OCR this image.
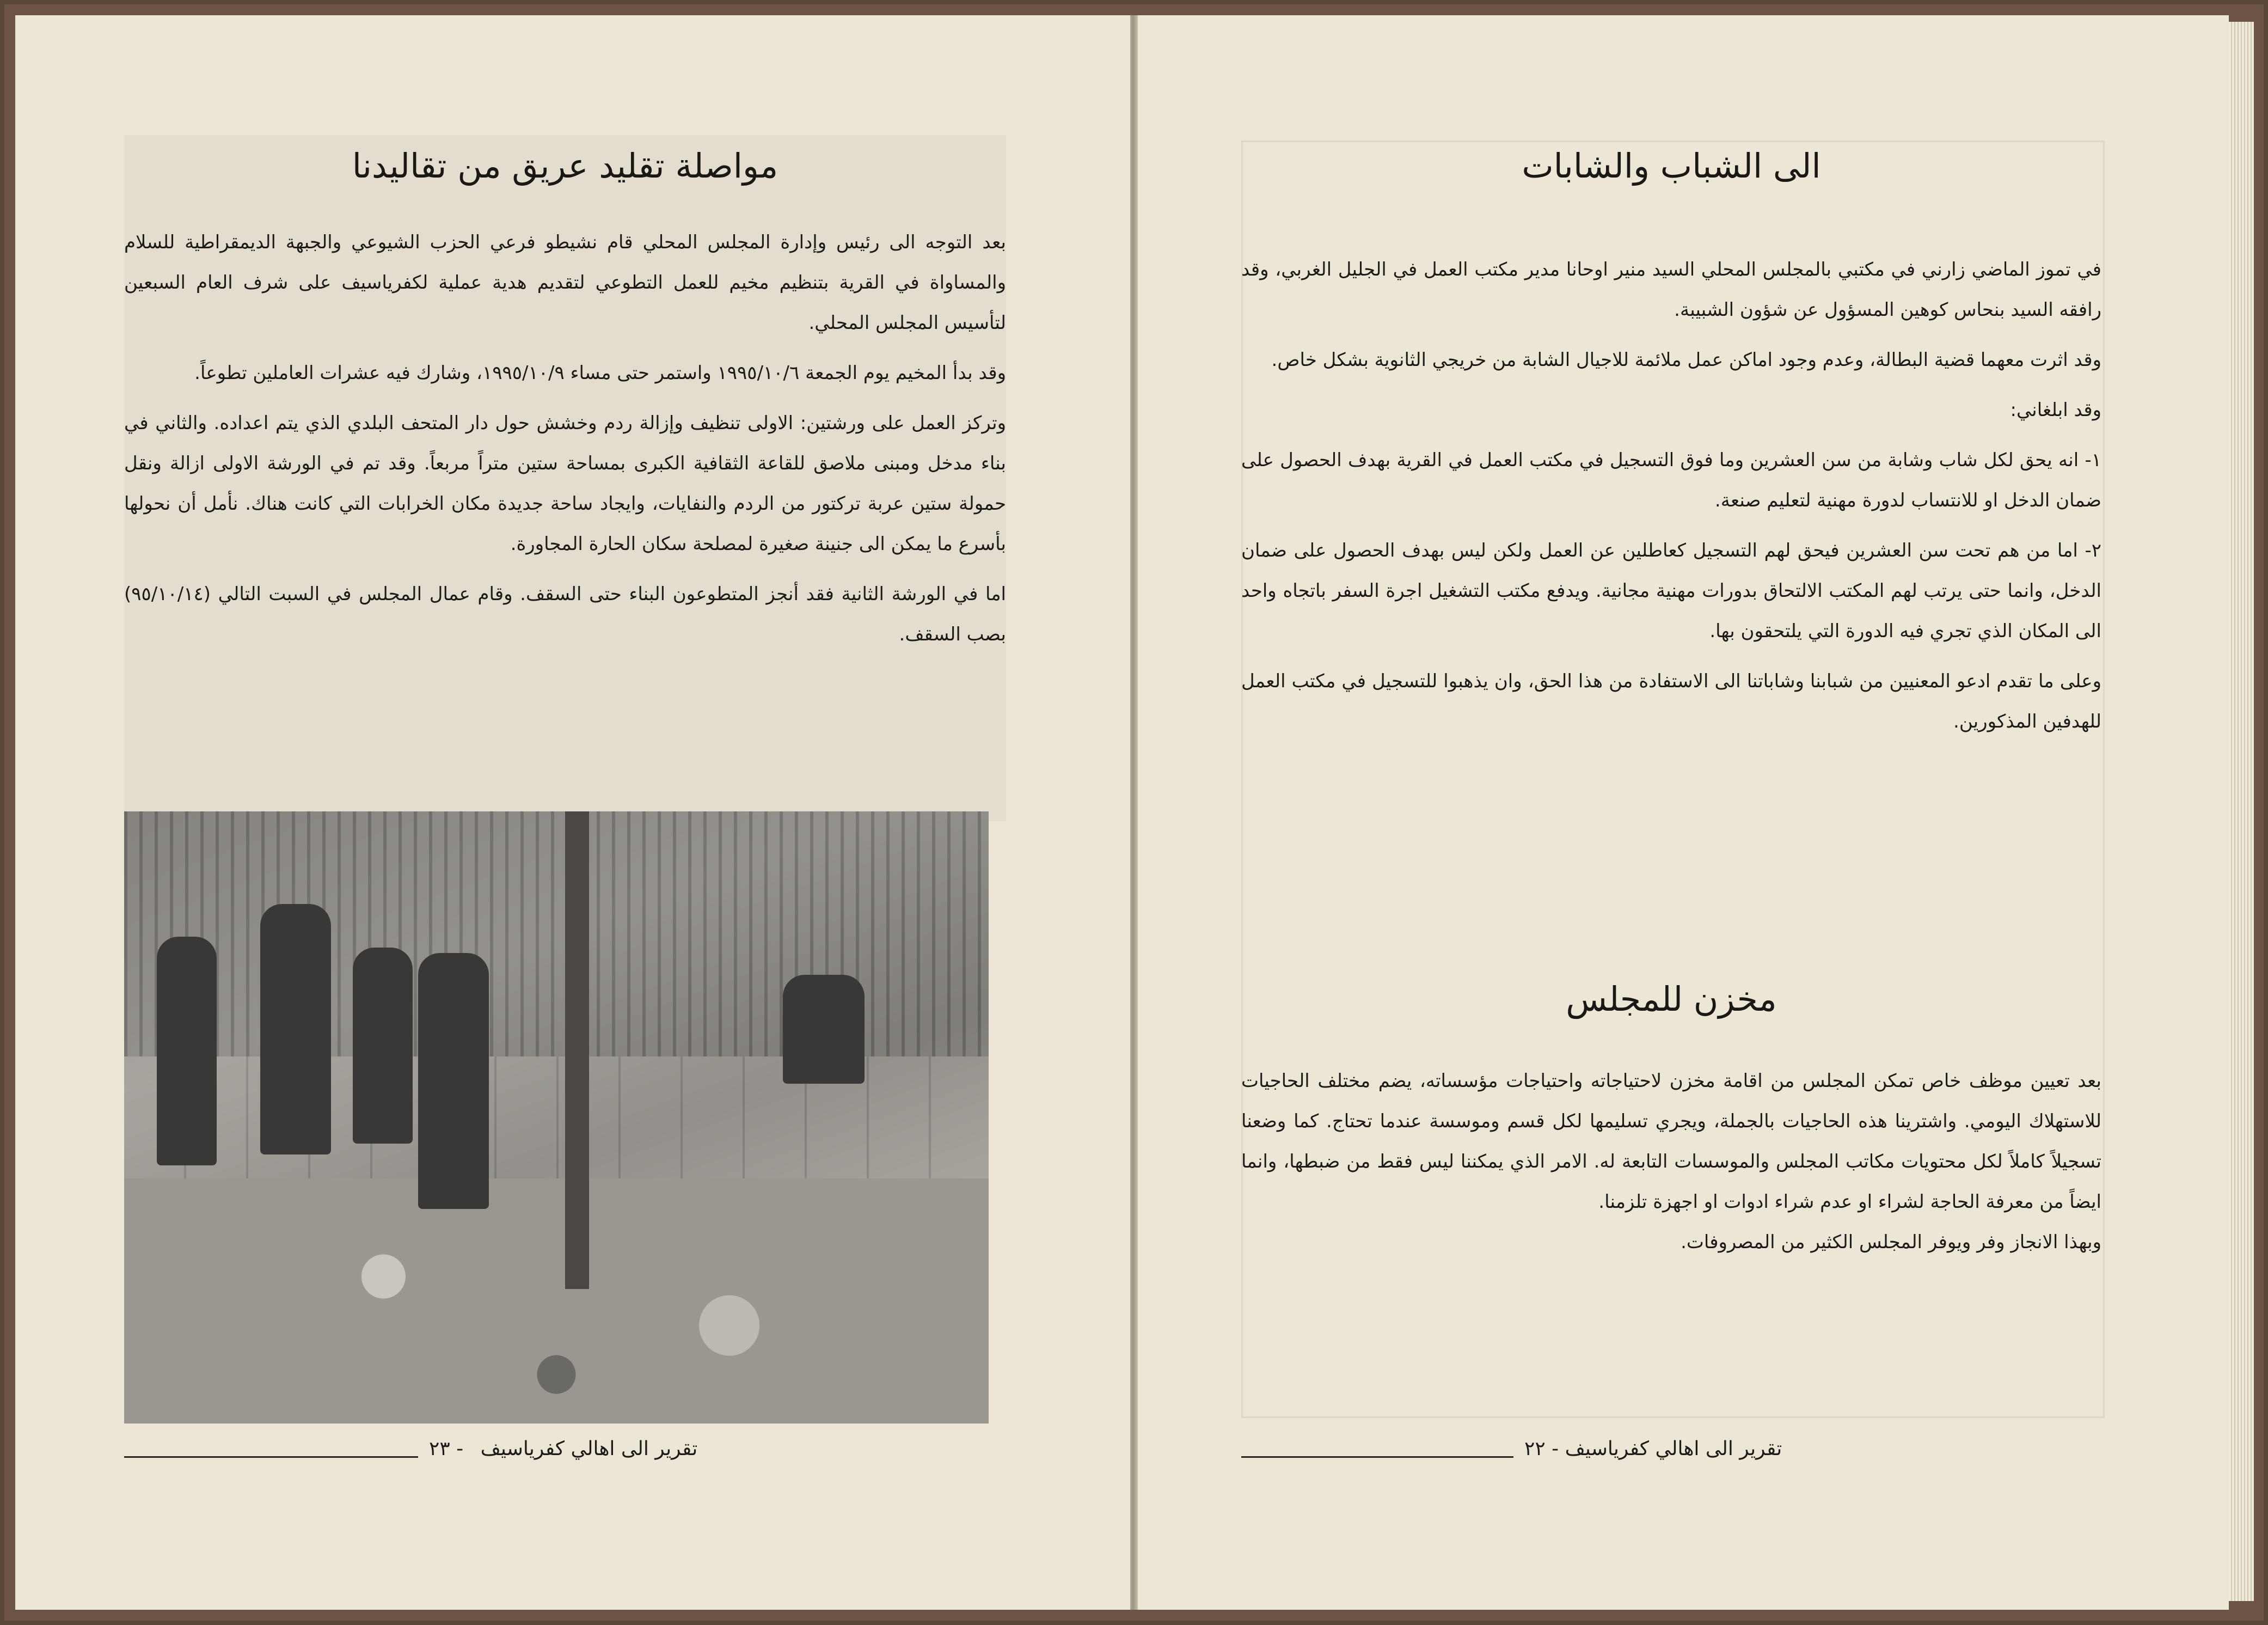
مواصلة تقليد عريق من تقاليدنا

بعد التوجه الى رئيس وإدارة المجلس المحلي قام نشيطو فرعي الحزب الشيوعي والجبهة الديمقراطية للسلام والمساواة في القرية بتنظيم مخيم للعمل التطوعي لتقديم هدية عملية لكفرياسيف على شرف العام السبعين لتأسيس المجلس المحلي.

وقد بدأ المخيم يوم الجمعة ١٩٩٥/١٠/٦ واستمر حتى مساء ١٩٩٥/١٠/٩، وشارك فيه عشرات العاملين تطوعاً.

وتركز العمل على ورشتين: الاولى تنظيف وإزالة ردم وخشش حول دار المتحف البلدي الذي يتم اعداده. والثاني في بناء مدخل ومبنى ملاصق للقاعة الثقافية الكبرى بمساحة ستين متراً مربعاً. وقد تم في الورشة الاولى ازالة ونقل حمولة ستين عربة تركتور من الردم والنفايات، وايجاد ساحة جديدة مكان الخرابات التي كانت هناك. نأمل أن نحولها بأسرع ما يمكن الى جنينة صغيرة لمصلحة سكان الحارة المجاورة.

اما في الورشة الثانية فقد أنجز المتطوعون البناء حتى السقف. وقام عمال المجلس في السبت التالي (٩٥/١٠/١٤) بصب السقف.

تقرير الى اهالي كفرياسيف - ٢٣
الى الشباب والشابات

في تموز الماضي زارني في مكتبي بالمجلس المحلي السيد منير اوحانا مدير مكتب العمل في الجليل الغربي، وقد رافقه السيد بنحاس كوهين المسؤول عن شؤون الشبيبة.

وقد اثرت معهما قضية البطالة، وعدم وجود اماكن عمل ملائمة للاجيال الشابة من خريجي الثانوية بشكل خاص.

وقد ابلغاني:

١- انه يحق لكل شاب وشابة من سن العشرين وما فوق التسجيل في مكتب العمل في القرية بهدف الحصول على ضمان الدخل او للانتساب لدورة مهنية لتعليم صنعة.

٢- اما من هم تحت سن العشرين فيحق لهم التسجيل كعاطلين عن العمل ولكن ليس بهدف الحصول على ضمان الدخل، وانما حتى يرتب لهم المكتب الالتحاق بدورات مهنية مجانية. ويدفع مكتب التشغيل اجرة السفر باتجاه واحد الى المكان الذي تجري فيه الدورة التي يلتحقون بها.

وعلى ما تقدم ادعو المعنيين من شبابنا وشاباتنا الى الاستفادة من هذا الحق، وان يذهبوا للتسجيل في مكتب العمل للهدفين المذكورين.

مخزن للمجلس

بعد تعيين موظف خاص تمكن المجلس من اقامة مخزن لاحتياجاته واحتياجات مؤسساته، يضم مختلف الحاجيات للاستهلاك اليومي. واشترينا هذه الحاجيات بالجملة، ويجري تسليمها لكل قسم وموسسة عندما تحتاج. كما وضعنا تسجيلاً كاملاً لكل محتويات مكاتب المجلس والموسسات التابعة له. الامر الذي يمكننا ليس فقط من ضبطها، وانما ايضاً من معرفة الحاجة لشراء او عدم شراء ادوات او اجهزة تلزمنا.

وبهذا الانجاز وفر ويوفر المجلس الكثير من المصروفات.

تقرير الى اهالي كفرياسيف - ٢٢
